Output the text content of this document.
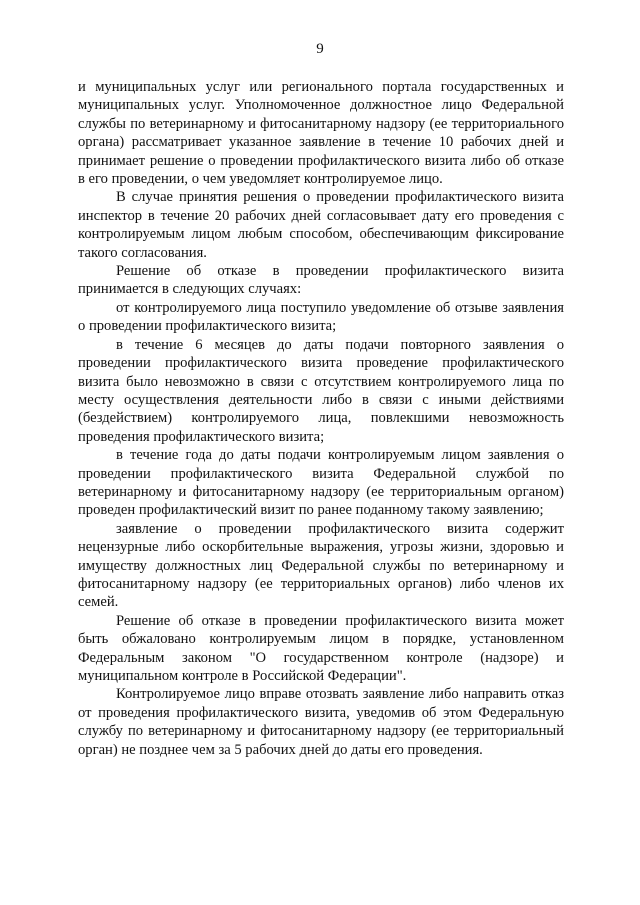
9

и муниципальных услуг или регионального портала государственных и муниципальных услуг. Уполномоченное должностное лицо Федеральной службы по ветеринарному и фитосанитарному надзору (ее территориального органа) рассматривает указанное заявление в течение 10 рабочих дней и принимает решение о проведении профилактического визита либо об отказе в его проведении, о чем уведомляет контролируемое лицо.

В случае принятия решения о проведении профилактического визита инспектор в течение 20 рабочих дней согласовывает дату его проведения с контролируемым лицом любым способом, обеспечивающим фиксирование такого согласования.

Решение об отказе в проведении профилактического визита принимается в следующих случаях:

от контролируемого лица поступило уведомление об отзыве заявления о проведении профилактического визита;

в течение 6 месяцев до даты подачи повторного заявления о проведении профилактического визита проведение профилактического визита было невозможно в связи с отсутствием контролируемого лица по месту осуществления деятельности либо в связи с иными действиями (бездействием) контролируемого лица, повлекшими невозможность проведения профилактического визита;

в течение года до даты подачи контролируемым лицом заявления о проведении профилактического визита Федеральной службой по ветеринарному и фитосанитарному надзору (ее территориальным органом) проведен профилактический визит по ранее поданному такому заявлению;

заявление о проведении профилактического визита содержит нецензурные либо оскорбительные выражения, угрозы жизни, здоровью и имуществу должностных лиц Федеральной службы по ветеринарному и фитосанитарному надзору (ее территориальных органов) либо членов их семей.

Решение об отказе в проведении профилактического визита может быть обжаловано контролируемым лицом в порядке, установленном Федеральным законом "О государственном контроле (надзоре) и муниципальном контроле в Российской Федерации".

Контролируемое лицо вправе отозвать заявление либо направить отказ от проведения профилактического визита, уведомив об этом Федеральную службу по ветеринарному и фитосанитарному надзору (ее территориальный орган) не позднее чем за 5 рабочих дней до даты его проведения.
